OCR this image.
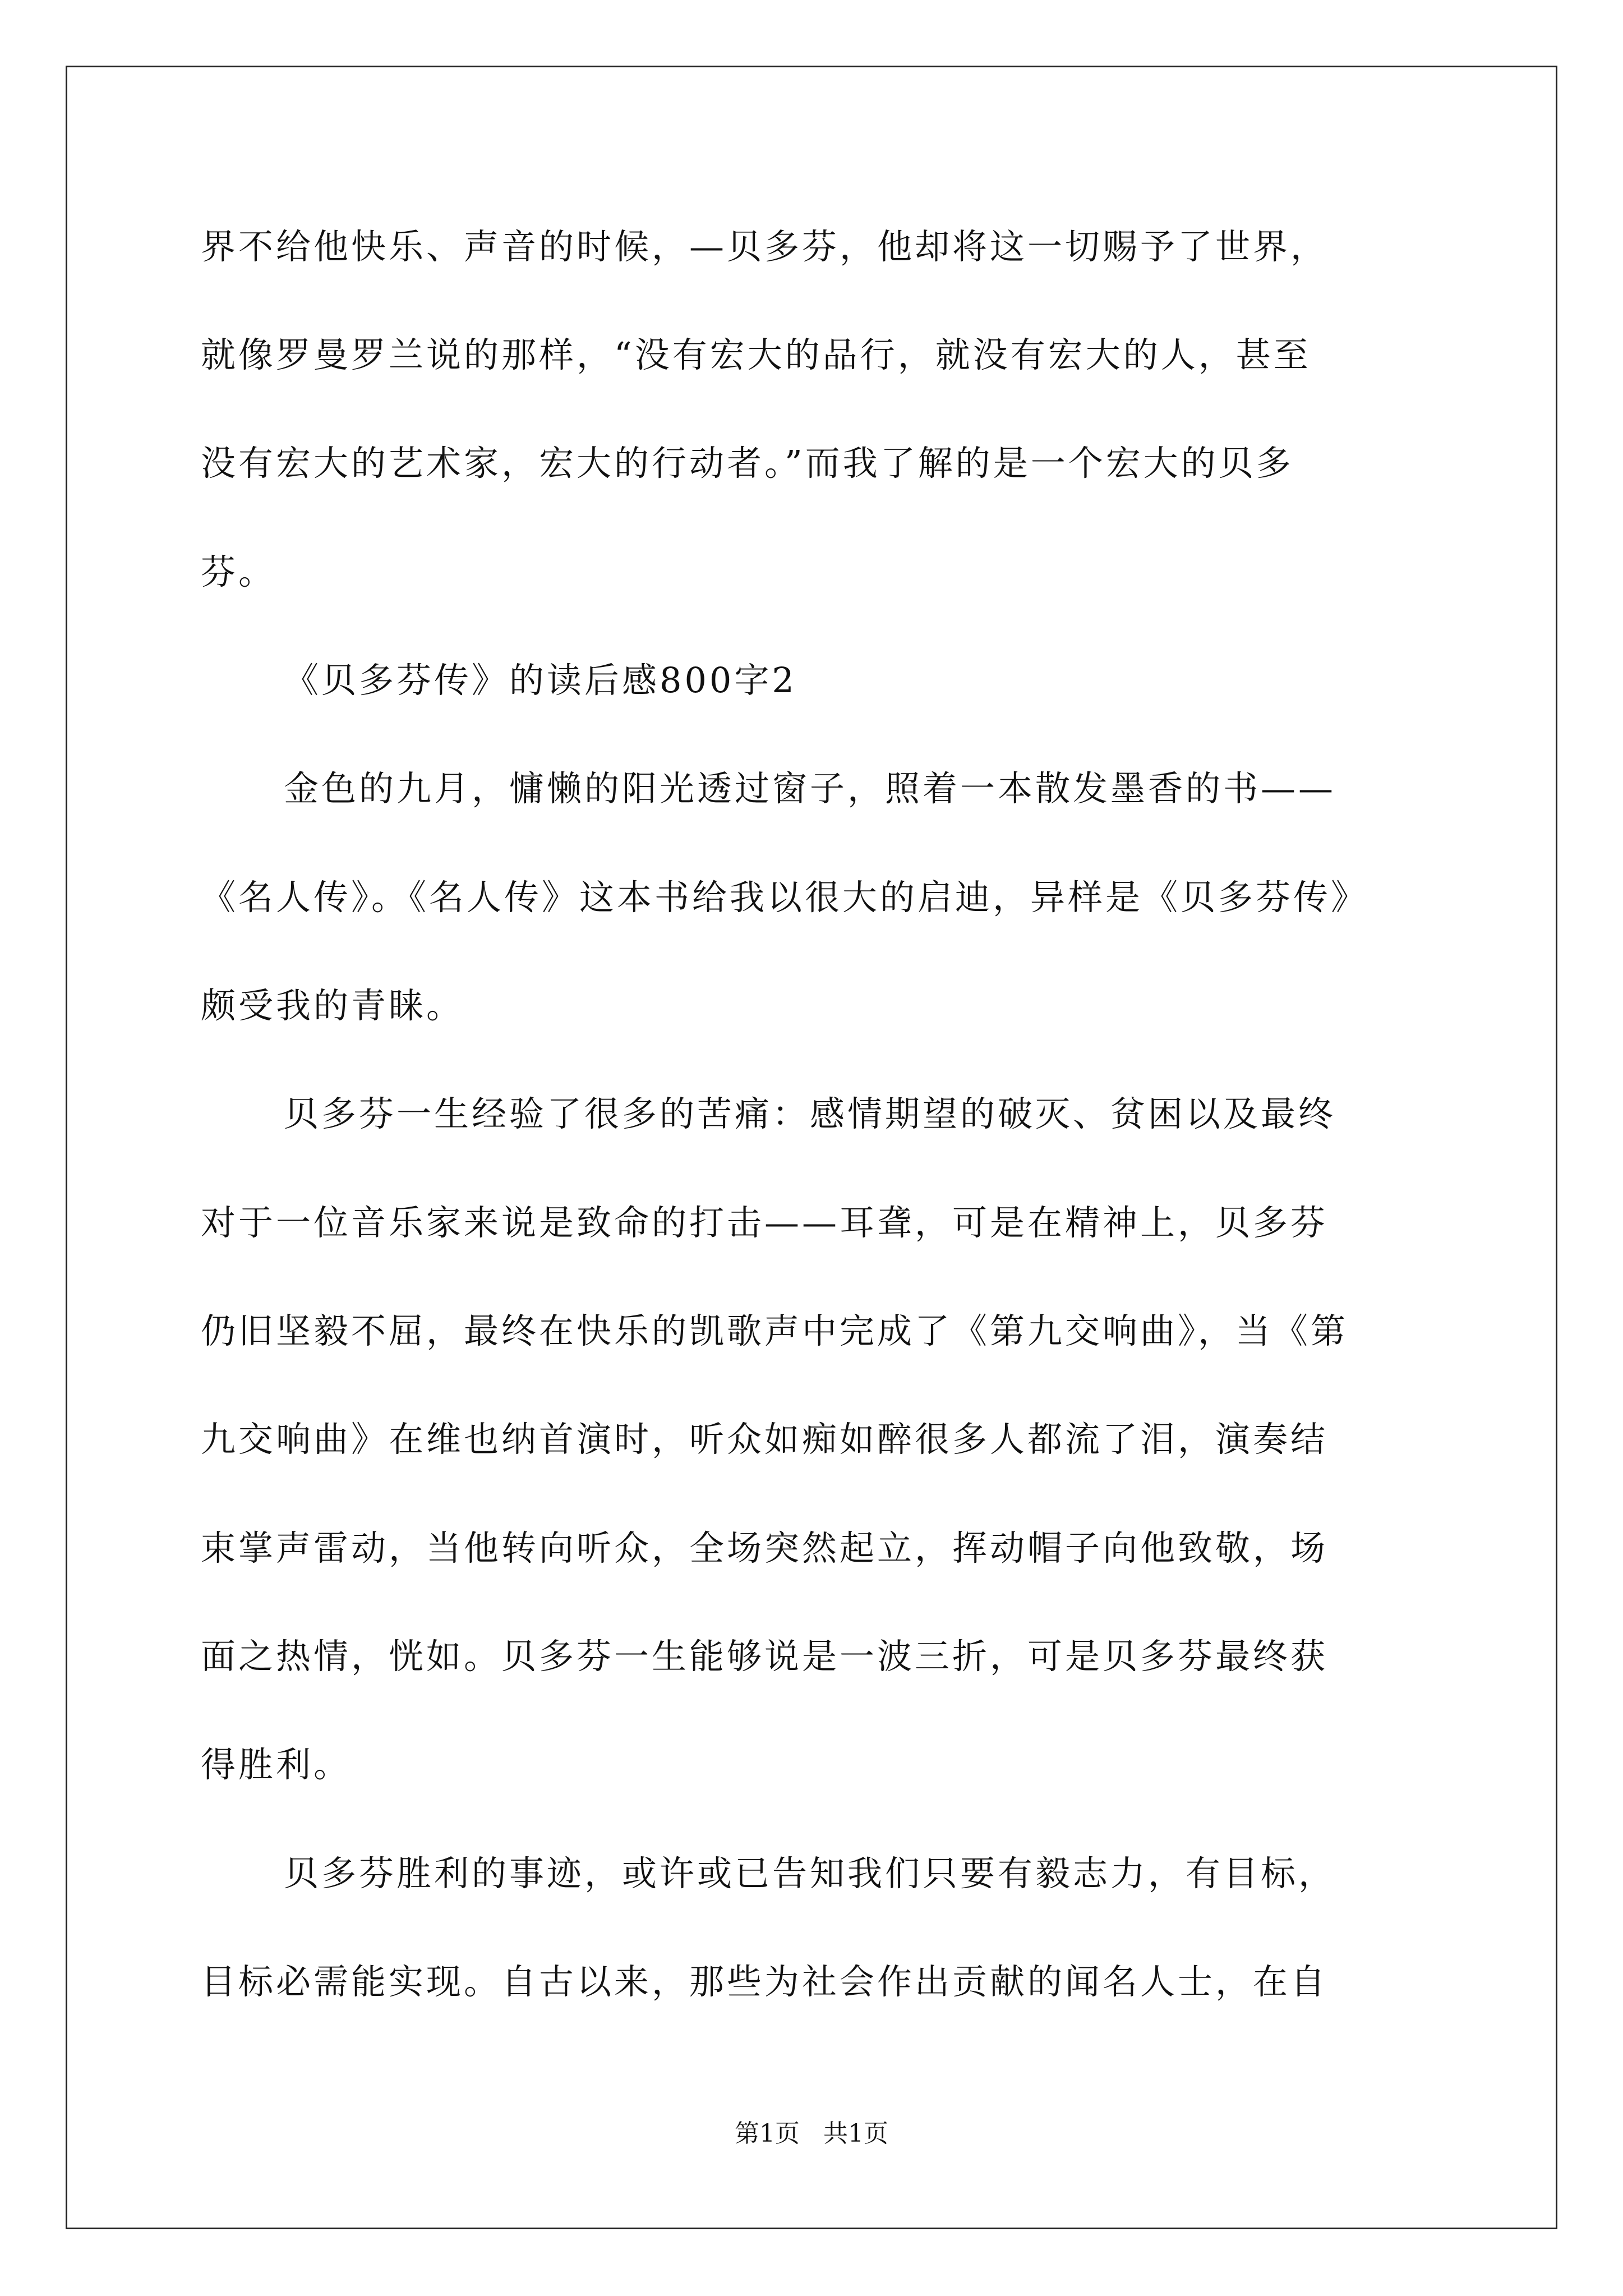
界不给他快乐、声音的时候，—贝多芬，他却将这一切赐予了世界，
就像罗曼罗兰说的那样，“没有宏大的品行，就没有宏大的人，甚至
没有宏大的艺术家，宏大的行动者。”而我了解的是一个宏大的贝多
芬。
《贝多芬传》的读后感800字2
金色的九月，慵懒的阳光透过窗子，照着一本散发墨香的书——
《名人传》。《名人传》这本书给我以很大的启迪，异样是《贝多芬传》
颇受我的青睐。
贝多芬一生经验了很多的苦痛：感情期望的破灭、贫困以及最终
对于一位音乐家来说是致命的打击——耳聋，可是在精神上，贝多芬
仍旧坚毅不屈，最终在快乐的凯歌声中完成了《第九交响曲》，当《第
九交响曲》在维也纳首演时，听众如痴如醉很多人都流了泪，演奏结
束掌声雷动，当他转向听众，全场突然起立，挥动帽子向他致敬，场
面之热情，恍如。贝多芬一生能够说是一波三折，可是贝多芬最终获
得胜利。
贝多芬胜利的事迹，或许或已告知我们只要有毅志力，有目标，
目标必需能实现。自古以来，那些为社会作出贡献的闻名人士，在自
第1页   共1页
